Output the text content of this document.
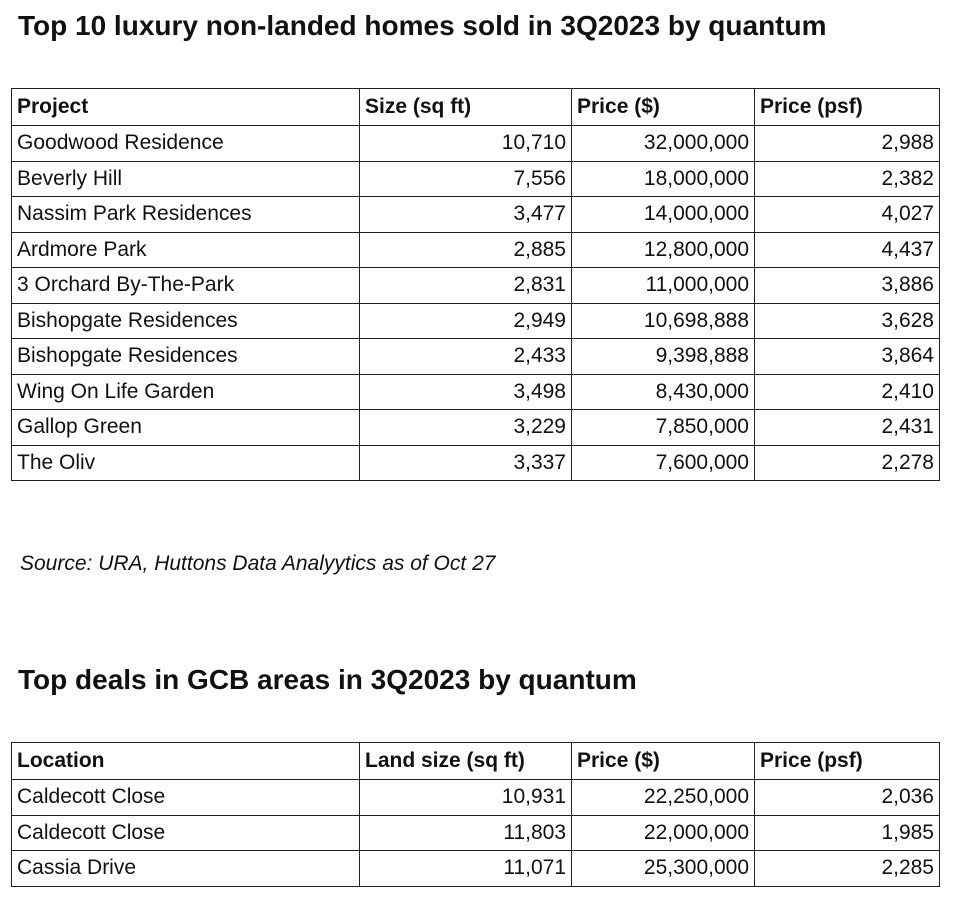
Top 10 luxury non-landed homes sold in 3Q2023 by quantum
Project	Size (sq ft)	Price ($)	Price (psf)
Goodwood Residence	10,710	32,000,000	2,988
Beverly Hill	7,556	18,000,000	2,382
Nassim Park Residences	3,477	14,000,000	4,027
Ardmore Park	2,885	12,800,000	4,437
3 Orchard By-The-Park	2,831	11,000,000	3,886
Bishopgate Residences	2,949	10,698,888	3,628
Bishopgate Residences	2,433	9,398,888	3,864
Wing On Life Garden	3,498	8,430,000	2,410
Gallop Green	3,229	7,850,000	2,431
The Oliv	3,337	7,600,000	2,278
Source: URA, Huttons Data Analyytics as of Oct 27
Top deals in GCB areas in 3Q2023 by quantum
Location	Land size (sq ft)	Price ($)	Price (psf)
Caldecott Close	10,931	22,250,000	2,036
Caldecott Close	11,803	22,000,000	1,985
Cassia Drive	11,071	25,300,000	2,285
